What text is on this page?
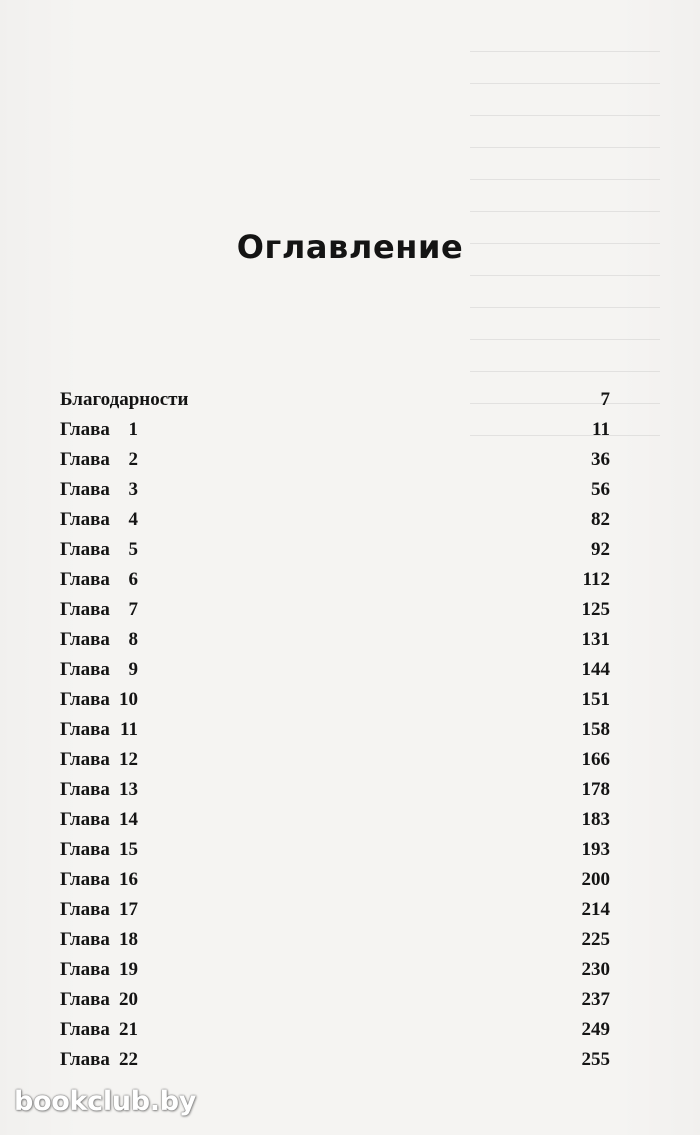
Оглавление
Благодарности	7
Глава 1	11
Глава 2	36
Глава 3	56
Глава 4	82
Глава 5	92
Глава 6	112
Глава 7	125
Глава 8	131
Глава 9	144
Глава 10	151
Глава 11	158
Глава 12	166
Глава 13	178
Глава 14	183
Глава 15	193
Глава 16	200
Глава 17	214
Глава 18	225
Глава 19	230
Глава 20	237
Глава 21	249
Глава 22	255
bookclub.by
